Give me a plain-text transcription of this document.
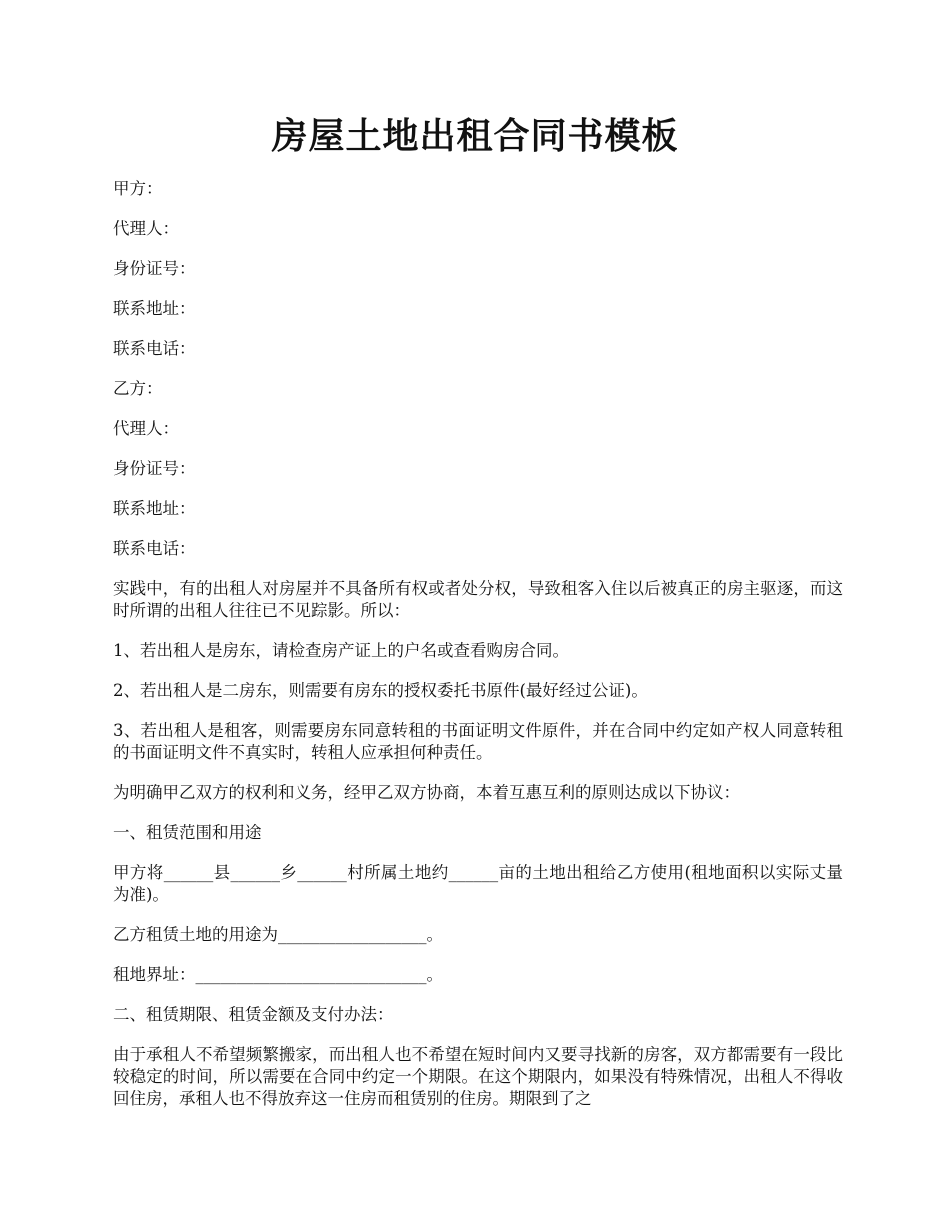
房屋土地出租合同书模板

甲方：

代理人：

身份证号：

联系地址：

联系电话：

乙方：

代理人：

身份证号：

联系地址：

联系电话：

实践中，有的出租人对房屋并不具备所有权或者处分权，导致租客入住以后被真正的房主驱逐，而这时所谓的出租人往往已不见踪影。所以：

1、若出租人是房东，请检查房产证上的户名或查看购房合同。

2、若出租人是二房东，则需要有房东的授权委托书原件(最好经过公证)。

3、若出租人是租客，则需要房东同意转租的书面证明文件原件，并在合同中约定如产权人同意转租的书面证明文件不真实时，转租人应承担何种责任。

为明确甲乙双方的权利和义务，经甲乙双方协商，本着互惠互利的原则达成以下协议：

一、租赁范围和用途

甲方将______县______乡______村所属土地约______亩的土地出租给乙方使用(租地面积以实际丈量为准)。

乙方租赁土地的用途为__________________。

租地界址：____________________________。

二、租赁期限、租赁金额及支付办法：

由于承租人不希望频繁搬家，而出租人也不希望在短时间内又要寻找新的房客，双方都需要有一段比较稳定的时间，所以需要在合同中约定一个期限。在这个期限内，如果没有特殊情况，出租人不得收回住房，承租人也不得放弃这一住房而租赁别的住房。期限到了之
